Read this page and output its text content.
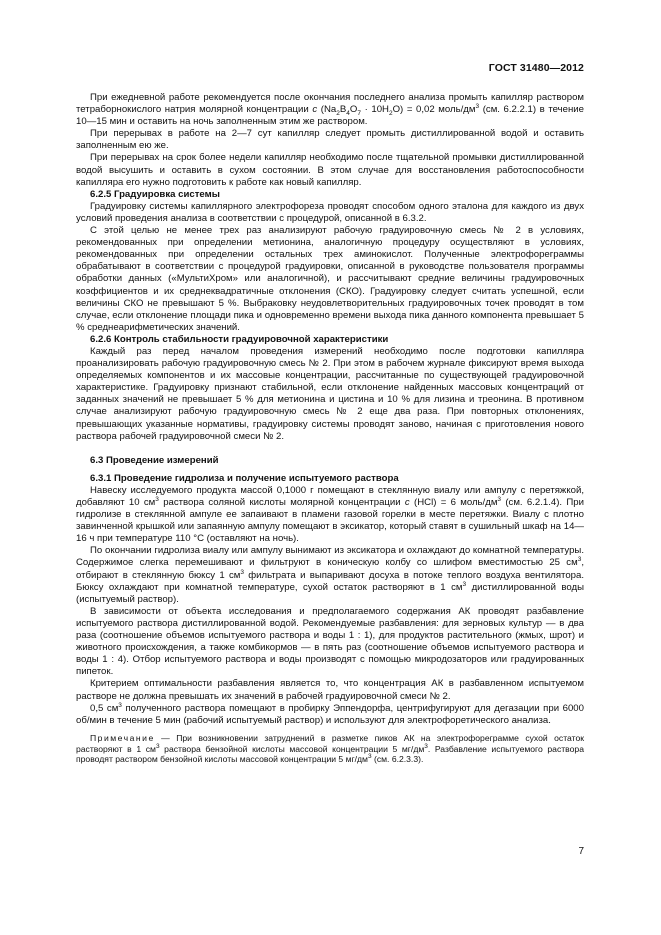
ГОСТ 31480—2012

При ежедневной работе рекомендуется после окончания последнего анализа промыть капилляр раствором тетраборнокислого натрия молярной концентрации c $(Na_2B_4O_7 \cdot 10H_2O) = 0,02$ моль/$дм^3$ (см. 6.2.2.1) в течение 10—15 мин и оставить на ночь заполненным этим же раствором.

При перерывах в работе на 2—7 сут капилляр следует промыть дистиллированной водой и оставить заполненным ею же.

При перерывах на срок более недели капилляр необходимо после тщательной промывки дистиллированной водой высушить и оставить в сухом состоянии. В этом случае для восстановления работоспособности капилляра его нужно подготовить к работе как новый капилляр.

6.2.5 Градуировка системы

Градуировку системы капиллярного электрофореза проводят способом одного эталона для каждого из двух условий проведения анализа в соответствии с процедурой, описанной в 6.3.2.

С этой целью не менее трех раз анализируют рабочую градуировочную смесь № 2 в условиях, рекомендованных при определении метионина, аналогичную процедуру осуществляют в условиях, рекомендованных при определении остальных трех аминокислот. Полученные электрофореграммы обрабатывают в соответствии с процедурой градуировки, описанной в руководстве пользователя программы обработки данных («МультиХром» или аналогичной), и рассчитывают средние величины градуировочных коэффициентов и их среднеквадратичные отклонения (СКО). Градуировку следует считать успешной, если величины СКО не превышают 5 %. Выбраковку неудовлетворительных градуировочных точек проводят в том случае, если отклонение площади пика и одновременно времени выхода пика данного компонента превышает 5 % среднеарифметических значений.

6.2.6 Контроль стабильности градуировочной характеристики

Каждый раз перед началом проведения измерений необходимо после подготовки капилляра проанализировать рабочую градуировочную смесь № 2. При этом в рабочем журнале фиксируют время выхода определяемых компонентов и их массовые концентрации, рассчитанные по существующей градуировочной характеристике. Градуировку признают стабильной, если отклонение найденных массовых концентраций от заданных значений не превышает 5 % для метионина и цистина и 10 % для лизина и треонина. В противном случае анализируют рабочую градуировочную смесь № 2 еще два раза. При повторных отклонениях, превышающих указанные нормативы, градуировку системы проводят заново, начиная с приготовления нового раствора рабочей градуировочной смеси № 2.

6.3 Проведение измерений

6.3.1 Проведение гидролиза и получение испытуемого раствора

Навеску исследуемого продукта массой 0,1000 г помещают в стеклянную виалу или ампулу с перетяжкой, добавляют 10 $см^3$ раствора соляной кислоты молярной концентрации c (HCl) = 6 моль/$дм^3$ (см. 6.2.1.4). При гидролизе в стеклянной ампуле ее запаивают в пламени газовой горелки в месте перетяжки. Виалу с плотно завинченной крышкой или запаянную ампулу помещают в эксикатор, который ставят в сушильный шкаф на 14—16 ч при температуре 110 °С (оставляют на ночь).

По окончании гидролиза виалу или ампулу вынимают из эксикатора и охлаждают до комнатной температуры. Содержимое слегка перемешивают и фильтруют в коническую колбу со шлифом вместимостью 25 $см^3$, отбирают в стеклянную бюксу 1 $см^3$ фильтрата и выпаривают досуха в потоке теплого воздуха вентилятора. Бюксу охлаждают при комнатной температуре, сухой остаток растворяют в 1 $см^3$ дистиллированной воды (испытуемый раствор).

В зависимости от объекта исследования и предполагаемого содержания АК проводят разбавление испытуемого раствора дистиллированной водой. Рекомендуемые разбавления: для зерновых культур — в два раза (соотношение объемов испытуемого раствора и воды 1 : 1), для продуктов растительного (жмых, шрот) и животного происхождения, а также комбикормов — в пять раз (соотношение объемов испытуемого раствора и воды 1 : 4). Отбор испытуемого раствора и воды производят с помощью микродозаторов или градуированных пипеток.

Критерием оптимальности разбавления является то, что концентрация АК в разбавленном испытуемом растворе не должна превышать их значений в рабочей градуировочной смеси № 2.

0,5 $см^3$ полученного раствора помещают в пробирку Эппендорфа, центрифугируют для дегазации при 6000 об/мин в течение 5 мин (рабочий испытуемый раствор) и используют для электрофоретического анализа.

Примечание — При возникновении затруднений в разметке пиков АК на электрофореграмме сухой остаток растворяют в 1 $см^3$ раствора бензойной кислоты массовой концентрации 5 $мг/дм^3$. Разбавление испытуемого раствора проводят раствором бензойной кислоты массовой концентрации 5 $мг/дм^3$ (см. 6.2.3.3).

7
